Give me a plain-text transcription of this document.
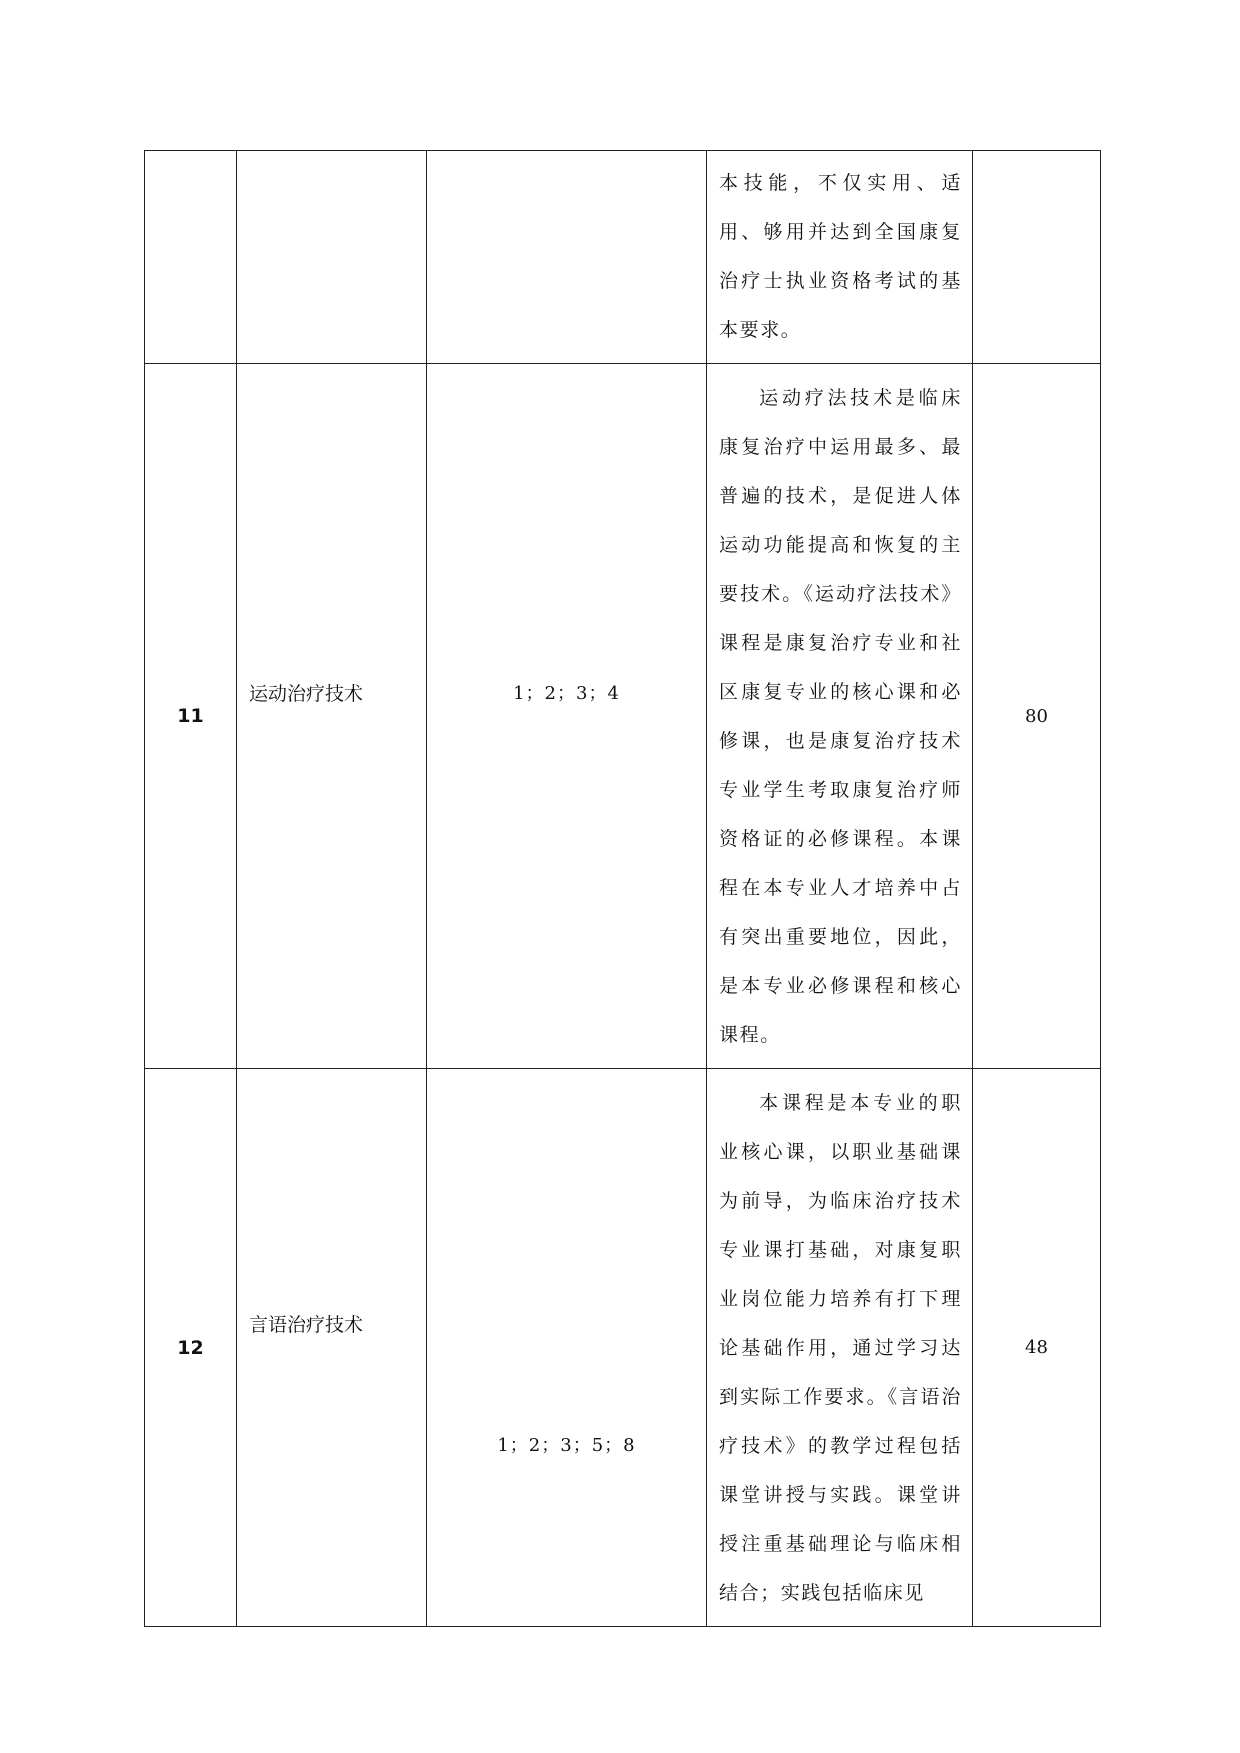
			本技能，不仅实用、适用、够用并达到全国康复治疗士执业资格考试的基本要求。	
11	运动治疗技术	1；2；3；4	运动疗法技术是临床康复治疗中运用最多、最普遍的技术，是促进人体运动功能提高和恢复的主要技术。《运动疗法技术》课程是康复治疗专业和社区康复专业的核心课和必修课，也是康复治疗技术专业学生考取康复治疗师资格证的必修课程。本课程在本专业人才培养中占有突出重要地位，因此，是本专业必修课程和核心课程。	80
12	言语治疗技术	1；2；3；5；8	本课程是本专业的职业核心课，以职业基础课为前导，为临床治疗技术专业课打基础，对康复职业岗位能力培养有打下理论基础作用，通过学习达到实际工作要求。《言语治疗技术》的教学过程包括课堂讲授与实践。课堂讲授注重基础理论与临床相结合；实践包括临床见	48
